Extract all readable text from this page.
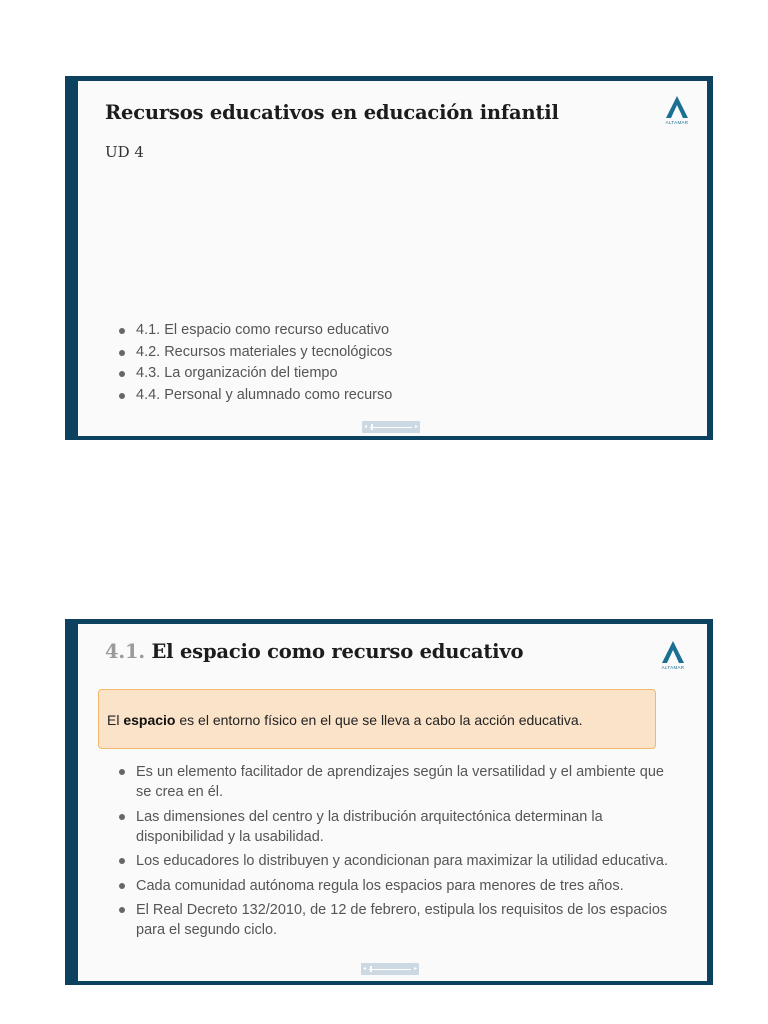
Recursos educativos en educación infantil
UD 4
ALTAMAR
4.1. El espacio como recurso educativo
4.2. Recursos materiales y tecnológicos
4.3. La organización del tiempo
4.4. Personal y alumnado como recurso
◂	▸
4.1. El espacio como recurso educativo
ALTAMAR
El espacio es el entorno físico en el que se lleva a cabo la acción educativa.
Es un elemento facilitador de aprendizajes según la versatilidad y el ambiente que se crea en él.
Las dimensiones del centro y la distribución arquitectónica determinan la disponibilidad y la usabilidad.
Los educadores lo distribuyen y acondicionan para maximizar la utilidad educativa.
Cada comunidad autónoma regula los espacios para menores de tres años.
El Real Decreto 132/2010, de 12 de febrero, estipula los requisitos de los espacios para el segundo ciclo.
◂	▸
